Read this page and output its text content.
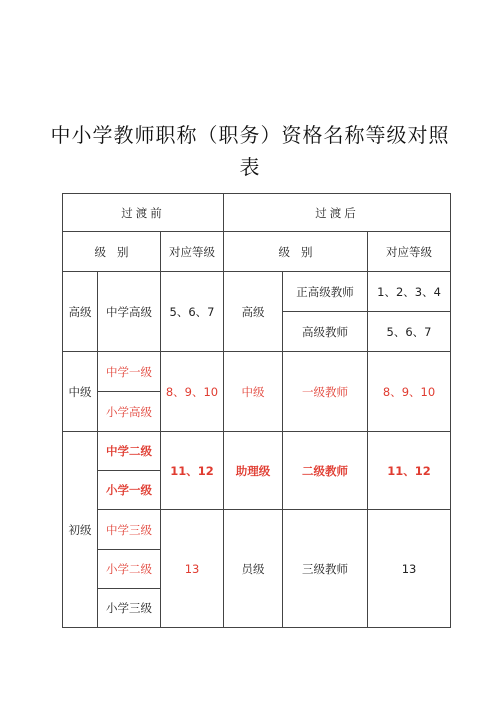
中小学教师职称（职务）资格名称等级对照
表
过渡前			过渡后		
级   别		对应等级	级   别		对应等级
高级	中学高级	5、6、7	高级	正高级教师	1、2、3、4
				高级教师	5、6、7
中级	中学一级	8、9、10	中级	一级教师	8、9、10
	小学高级				
初级	中学二级	11、12	助理级	二级教师	11、12
	小学一级				
	中学三级	13	员级	三级教师	13
	小学二级				
	小学三级				
